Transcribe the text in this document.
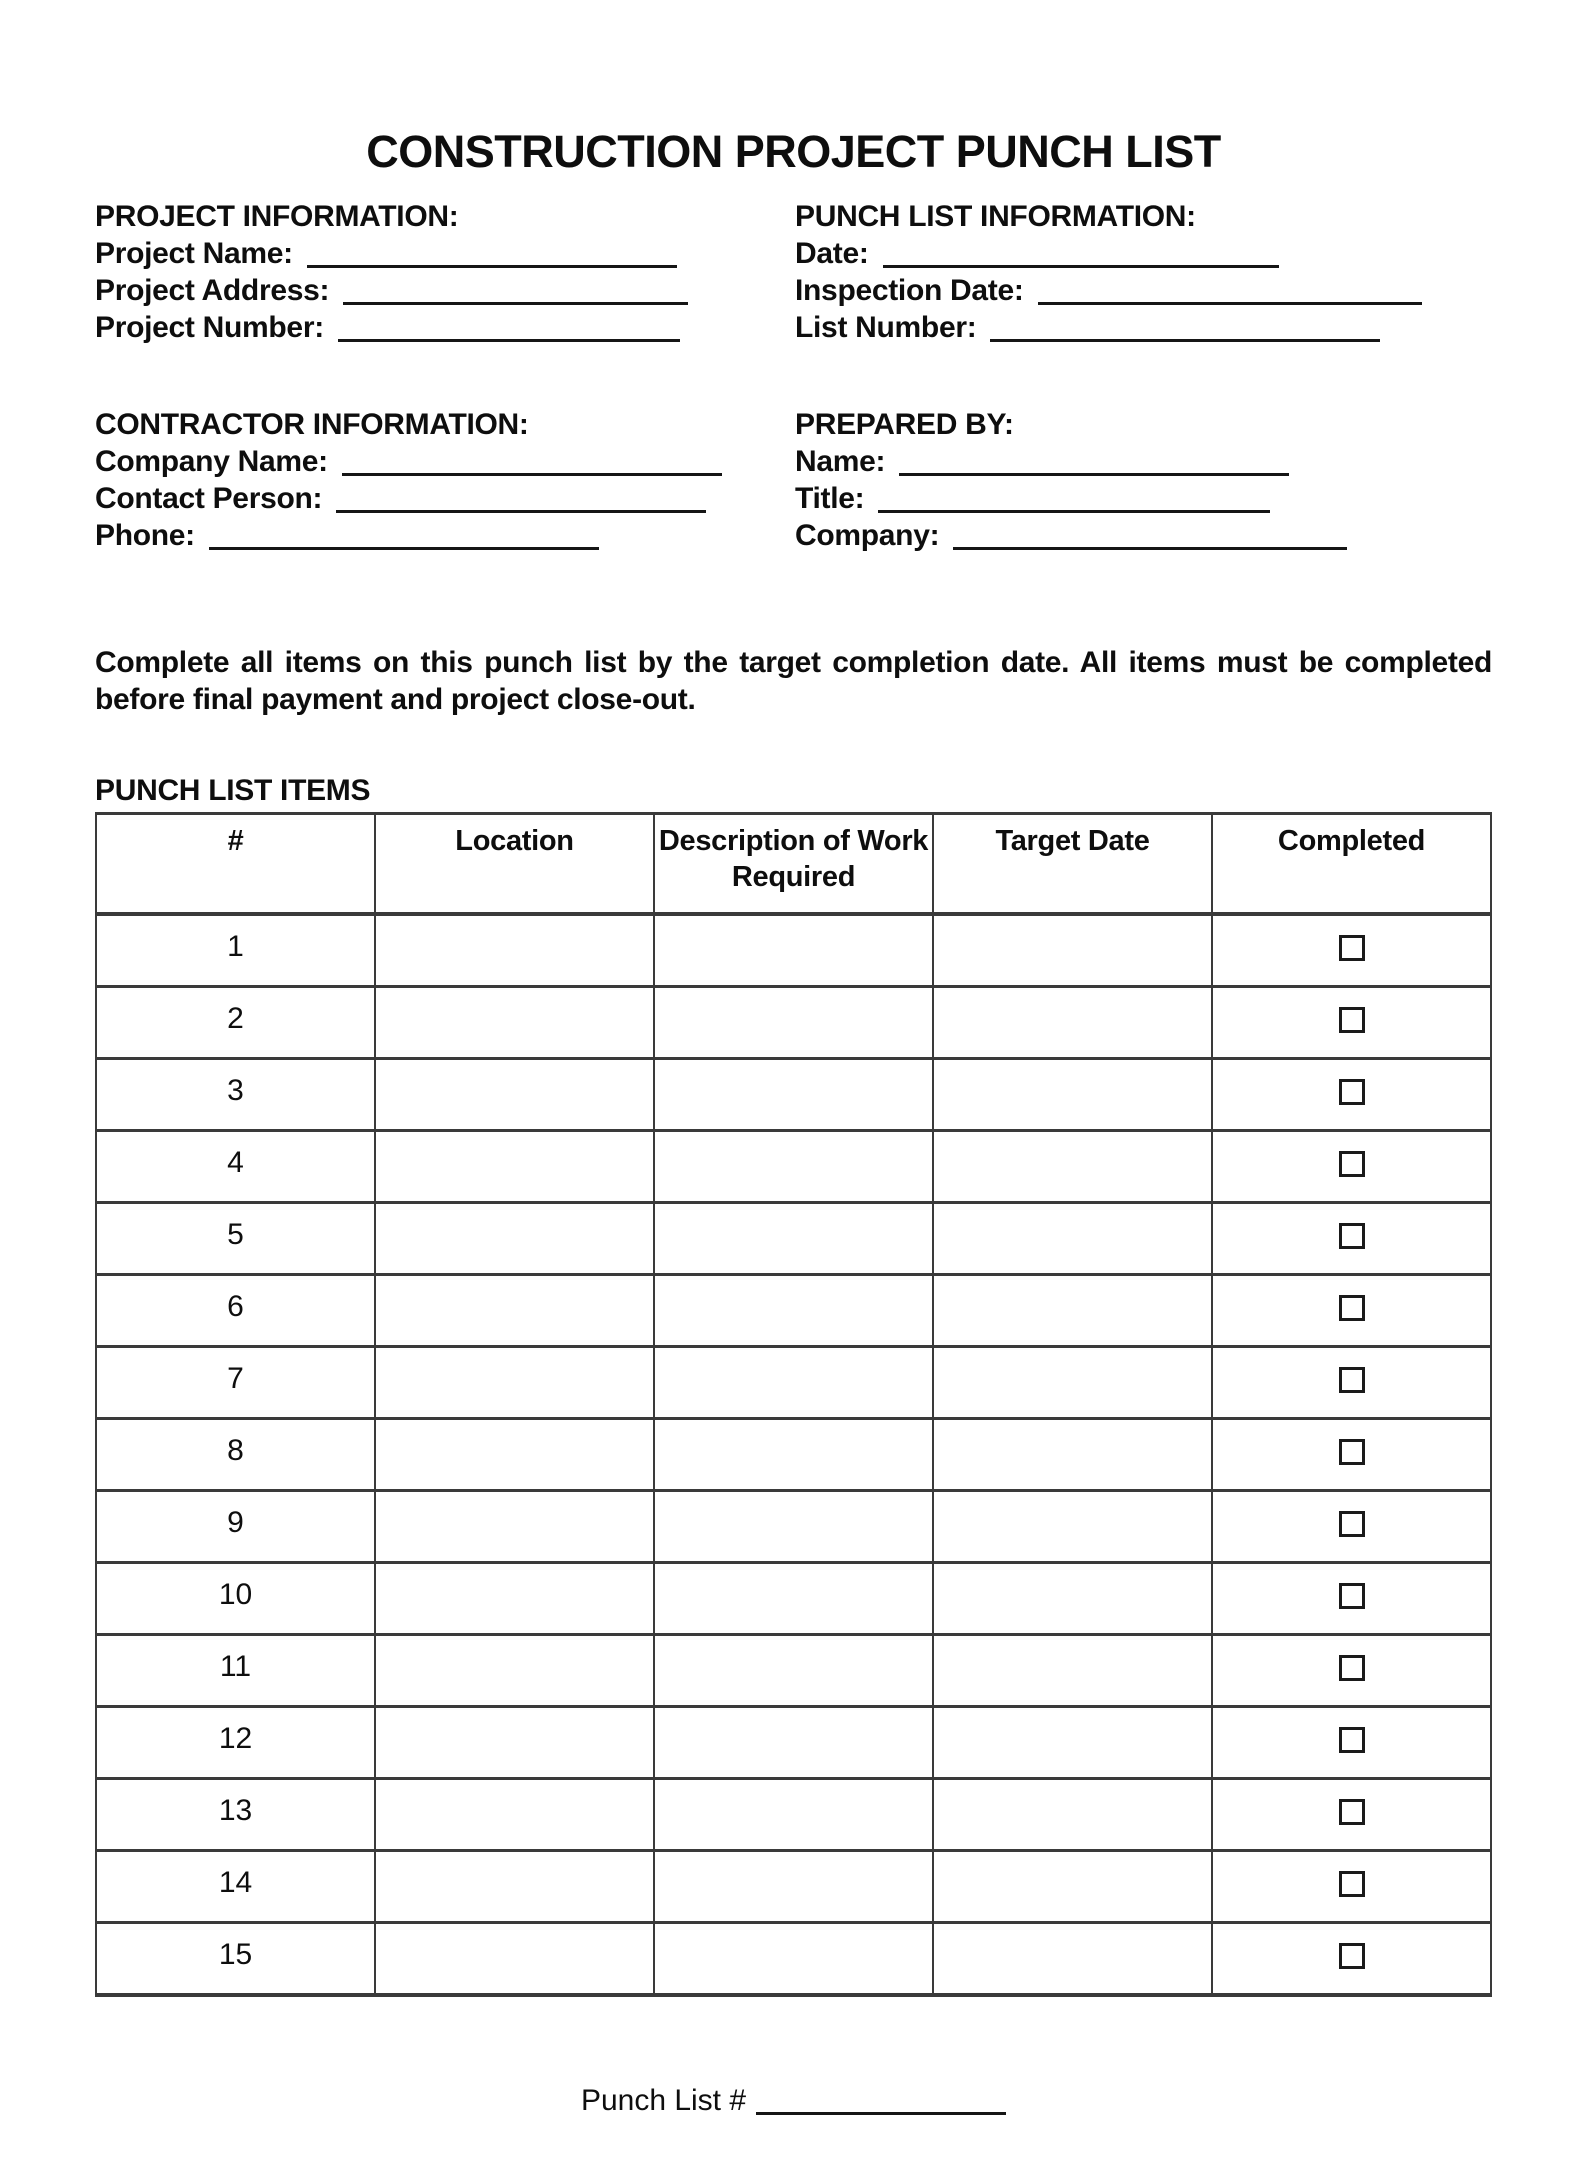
CONSTRUCTION PROJECT PUNCH LIST
PROJECT INFORMATION:
Project Name:
Project Address:
Project Number:
PUNCH LIST INFORMATION:
Date:
Inspection Date:
List Number:
CONTRACTOR INFORMATION:
Company Name:
Contact Person:
Phone:
PREPARED BY:
Name:
Title:
Company:

Complete all items on this punch list by the target completion date. All items must be completed before final payment and project close-out.

PUNCH LIST ITEMS
#	Location	Description of Work Required	Target Date	Completed
1				
2				
3				
4				
5				
6				
7				
8				
9				
10				
11				
12				
13				
14				
15				
Punch List #
